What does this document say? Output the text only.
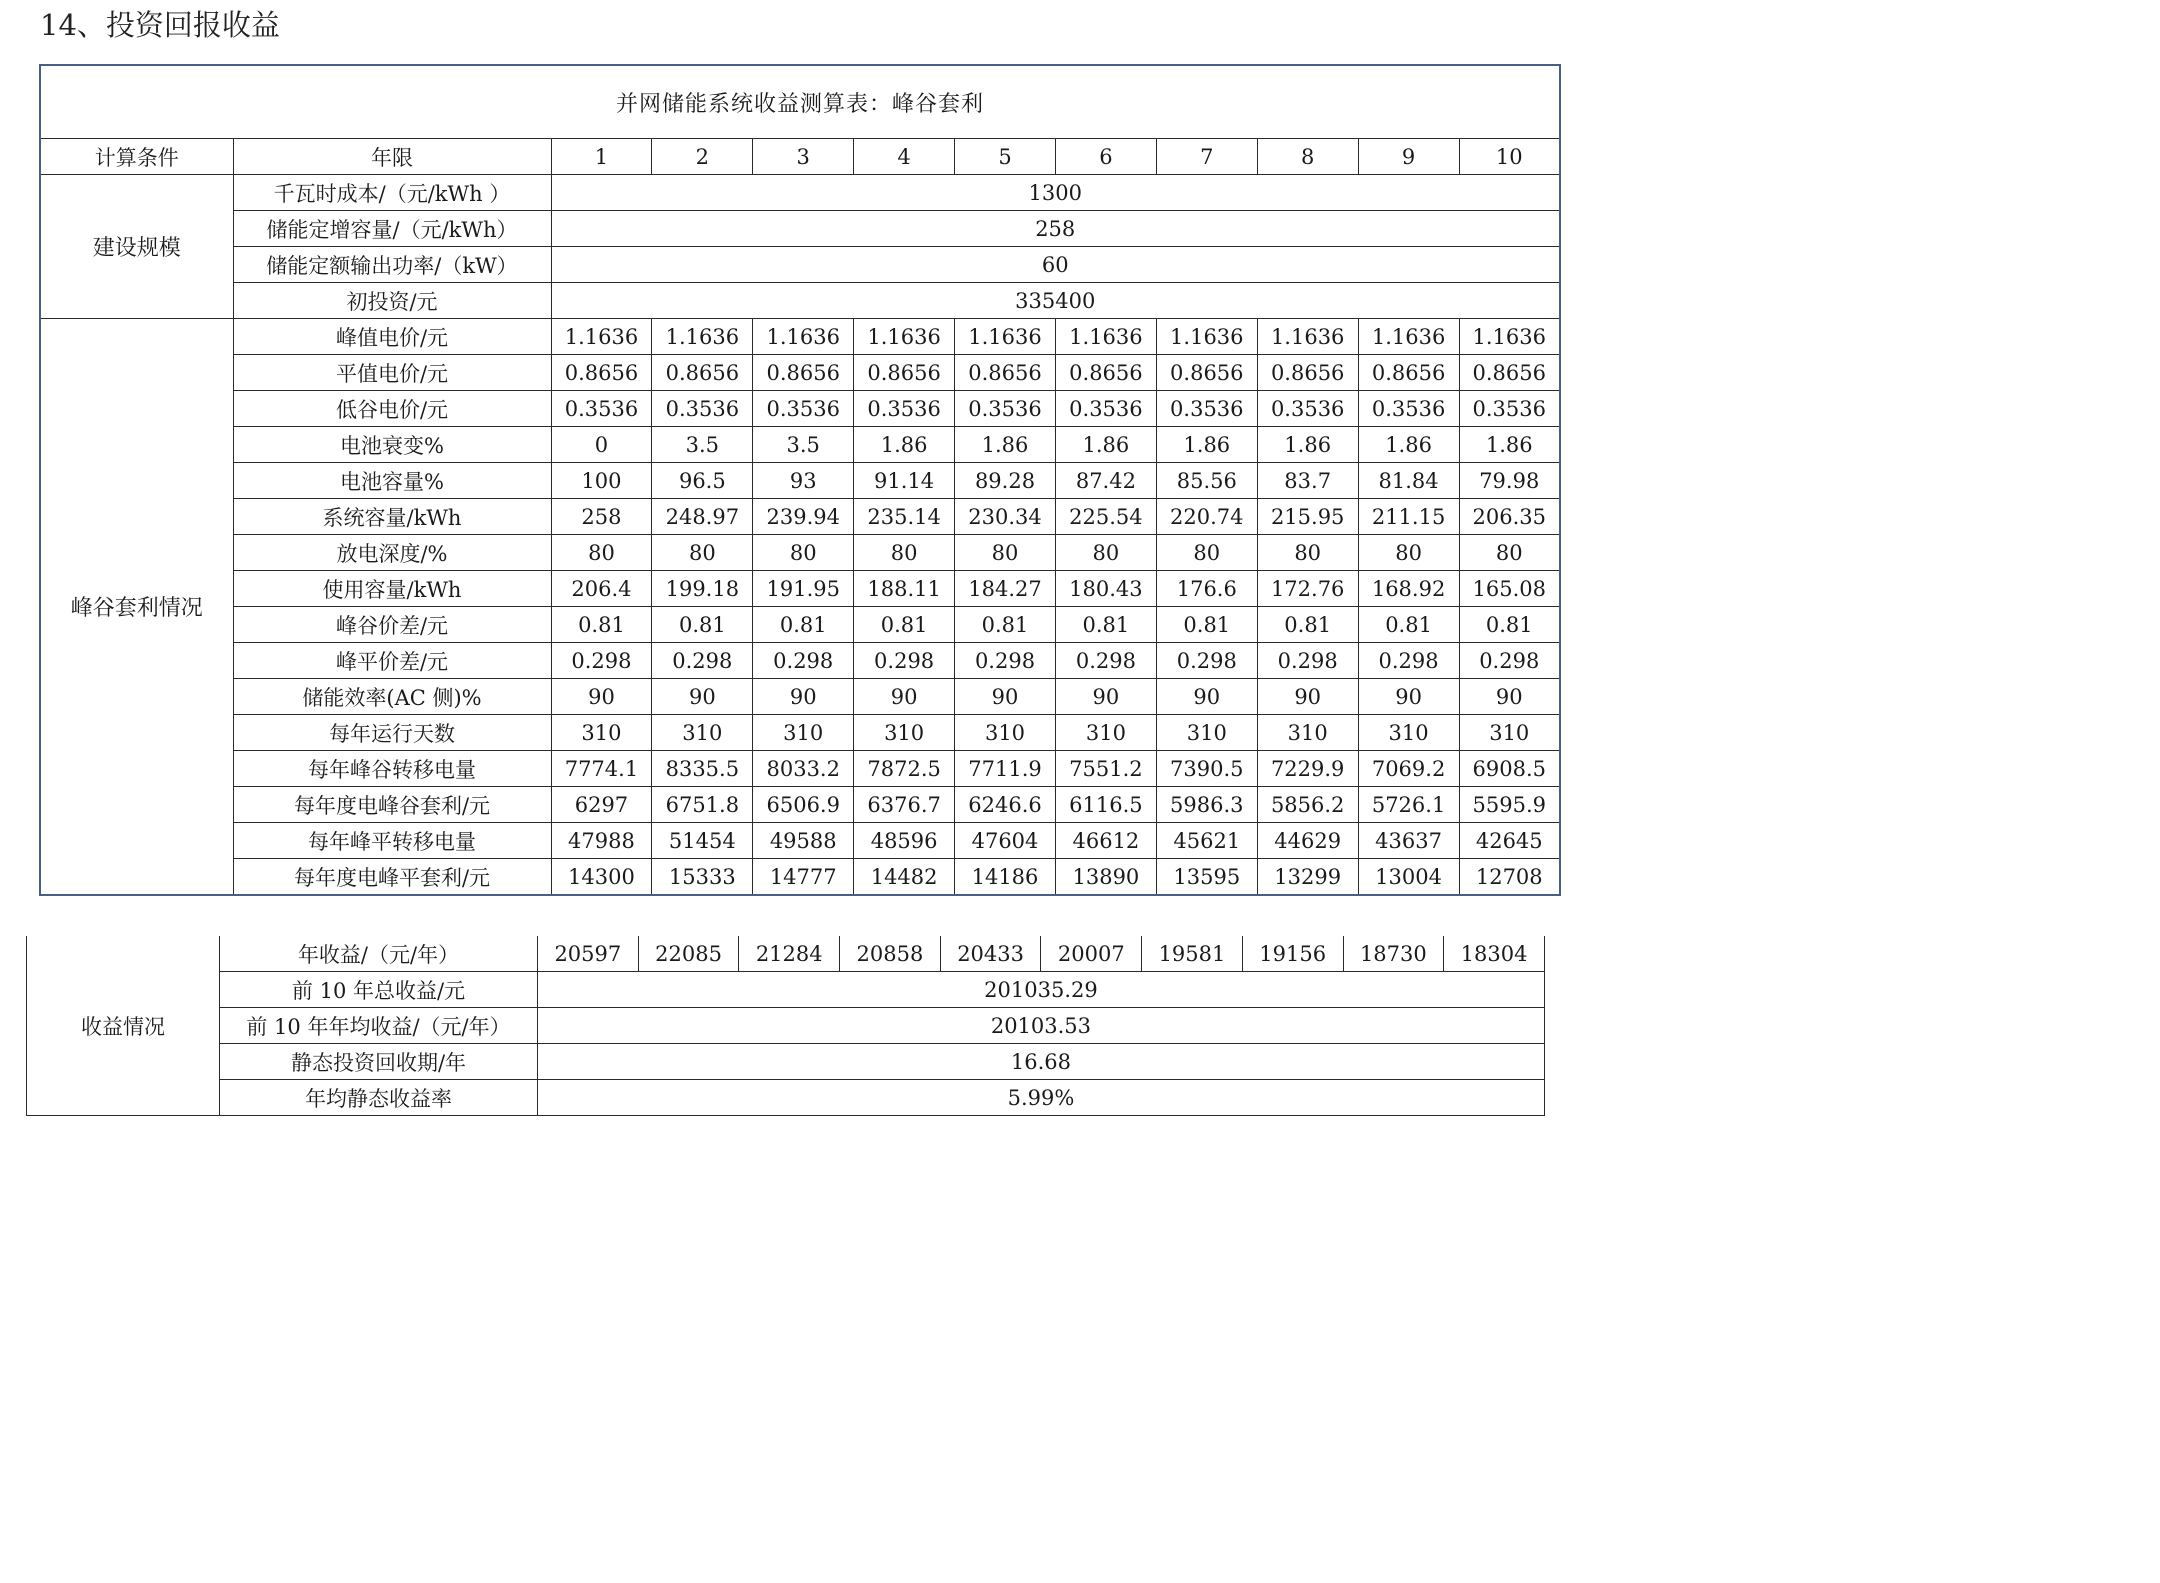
14、投资回报收益
并网储能系统收益测算表：峰谷套利											
计算条件	年限	1	2	3	4	5	6	7	8	9	10
建设规模	千瓦时成本/（元/kWh ）	1300									
	储能定增容量/（元/kWh）	258									
	储能定额输出功率/（kW）	60									
	初投资/元	335400									
峰谷套利情况	峰值电价/元	1.1636	1.1636	1.1636	1.1636	1.1636	1.1636	1.1636	1.1636	1.1636	1.1636
	平值电价/元	0.8656	0.8656	0.8656	0.8656	0.8656	0.8656	0.8656	0.8656	0.8656	0.8656
	低谷电价/元	0.3536	0.3536	0.3536	0.3536	0.3536	0.3536	0.3536	0.3536	0.3536	0.3536
	电池衰变%	0	3.5	3.5	1.86	1.86	1.86	1.86	1.86	1.86	1.86
	电池容量%	100	96.5	93	91.14	89.28	87.42	85.56	83.7	81.84	79.98
	系统容量/kWh	258	248.97	239.94	235.14	230.34	225.54	220.74	215.95	211.15	206.35
	放电深度/%	80	80	80	80	80	80	80	80	80	80
	使用容量/kWh	206.4	199.18	191.95	188.11	184.27	180.43	176.6	172.76	168.92	165.08
	峰谷价差/元	0.81	0.81	0.81	0.81	0.81	0.81	0.81	0.81	0.81	0.81
	峰平价差/元	0.298	0.298	0.298	0.298	0.298	0.298	0.298	0.298	0.298	0.298
	储能效率(AC 侧)%	90	90	90	90	90	90	90	90	90	90
	每年运行天数	310	310	310	310	310	310	310	310	310	310
	每年峰谷转移电量	7774.1	8335.5	8033.2	7872.5	7711.9	7551.2	7390.5	7229.9	7069.2	6908.5
	每年度电峰谷套利/元	6297	6751.8	6506.9	6376.7	6246.6	6116.5	5986.3	5856.2	5726.1	5595.9
	每年峰平转移电量	47988	51454	49588	48596	47604	46612	45621	44629	43637	42645
	每年度电峰平套利/元	14300	15333	14777	14482	14186	13890	13595	13299	13004	12708
收益情况	年收益/（元/年）	20597	22085	21284	20858	20433	20007	19581	19156	18730	18304
	前 10 年总收益/元	201035.29									
	前 10 年年均收益/（元/年）	20103.53									
	静态投资回收期/年	16.68									
	年均静态收益率	5.99%									
